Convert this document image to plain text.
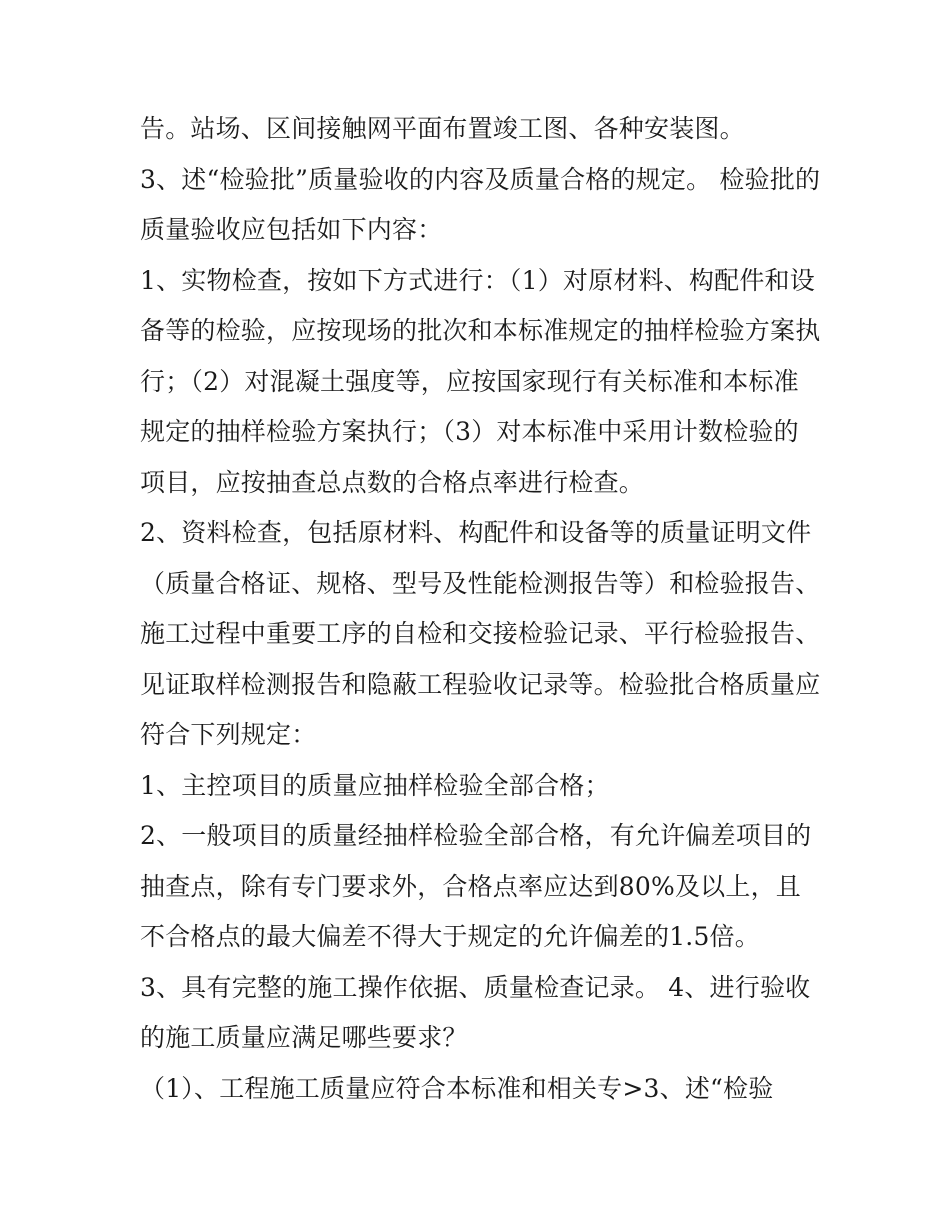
告。站场、区间接触网平面布置竣工图、各种安装图。
3、述“检验批”质量验收的内容及质量合格的规定。 检验批的
质量验收应包括如下内容：
1、实物检查，按如下方式进行：（1）对原材料、构配件和设
备等的检验，应按现场的批次和本标准规定的抽样检验方案执
行；（2）对混凝土强度等，应按国家现行有关标准和本标准
规定的抽样检验方案执行；（3）对本标准中采用计数检验的
项目，应按抽查总点数的合格点率进行检查。
2、资料检查，包括原材料、构配件和设备等的质量证明文件
（质量合格证、规格、型号及性能检测报告等）和检验报告、
施工过程中重要工序的自检和交接检验记录、平行检验报告、
见证取样检测报告和隐蔽工程验收记录等。检验批合格质量应
符合下列规定：
1、主控项目的质量应抽样检验全部合格；
2、一般项目的质量经抽样检验全部合格，有允许偏差项目的
抽查点，除有专门要求外，合格点率应达到80%及以上，且
不合格点的最大偏差不得大于规定的允许偏差的1.5倍。
3、具有完整的施工操作依据、质量检查记录。 4、进行验收
的施工质量应满足哪些要求？
（1）、工程施工质量应符合本标准和相关专>3、述“检验
